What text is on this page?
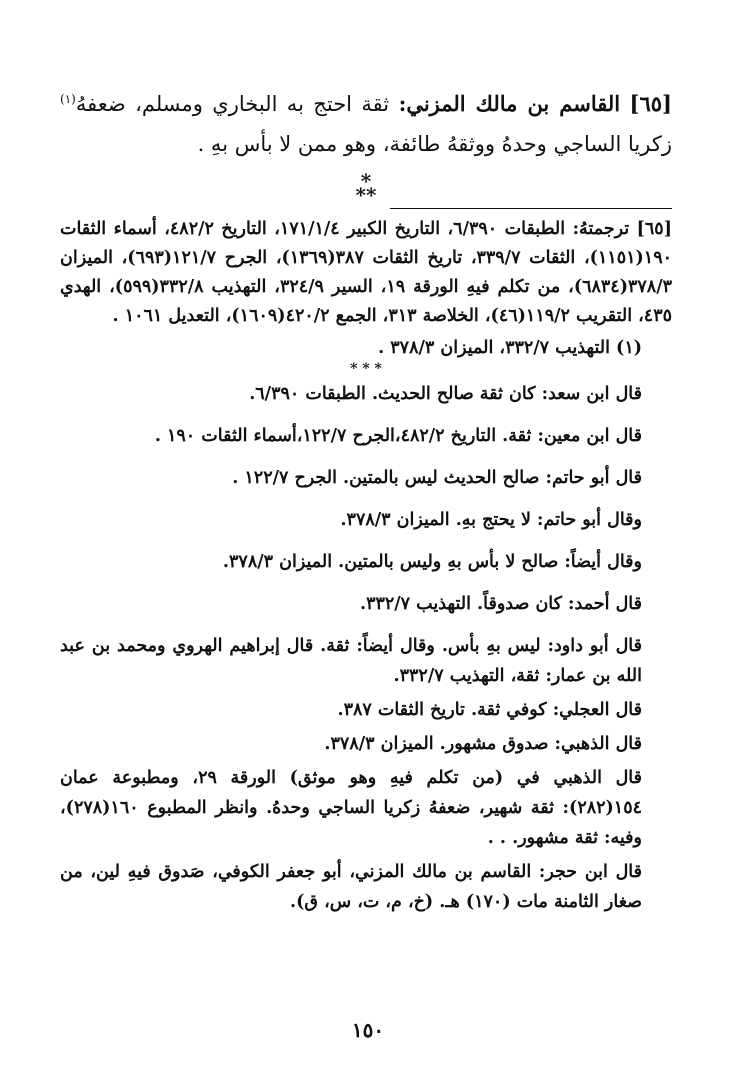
[٦٥] القاسم بن مالك المزني: ثقة احتج به البخاري ومسلم، ضعفهُ$^{(١)}$ زكريا الساجي وحدهُ ووثقهُ طائفة، وهو ممن لا بأس بهِ .

*
**

[٦٥] ترجمتهُ: الطبقات ٦/٣٩٠، التاريخ الكبير ١٧١/١/٤، التاريخ ٤٨٢/٢، أسماء الثقات ١٩٠(١١٥١)، الثقات ٣٣٩/٧، تاريخ الثقات ٣٨٧(١٣٦٩)، الجرح ١٢١/٧(٦٩٣)، الميزان ٣٧٨/٣(٦٨٣٤)، من تكلم فيهِ الورقة ١٩، السير ٣٢٤/٩، التهذيب ٣٣٢/٨(٥٩٩)، الهدي ٤٣٥، التقريب ١١٩/٢(٤٦)، الخلاصة ٣١٣، الجمع ٤٢٠/٢(١٦٠٩)، التعديل ١٠٦١ .

(١) التهذيب ٣٣٢/٧، الميزان ٣٧٨/٣ .

* * *

قال ابن سعد: كان ثقة صالح الحديث. الطبقات ٦/٣٩٠.

قال ابن معين: ثقة. التاريخ ٤٨٢/٢،الجرح ١٢٢/٧،أسماء الثقات ١٩٠ .

قال أبو حاتم: صالح الحديث ليس بالمتين. الجرح ١٢٢/٧ .

وقال أبو حاتم: لا يحتج بهِ. الميزان ٣٧٨/٣.

وقال أيضاً: صالح لا بأس بهِ وليس بالمتين. الميزان ٣٧٨/٣.

قال أحمد: كان صدوقاً. التهذيب ٣٣٢/٧.

قال أبو داود: ليس بهِ بأس. وقال أيضاً: ثقة. قال إبراهيم الهروي ومحمد بن عبد الله بن عمار: ثقة، التهذيب ٣٣٢/٧.

قال العجلي: كوفي ثقة. تاريخ الثقات ٣٨٧.

قال الذهبي: صدوق مشهور. الميزان ٣٧٨/٣.

قال الذهبي في (من تكلم فيهِ وهو موثق) الورقة ٢٩، ومطبوعة عمان ١٥٤(٢٨٢): ثقة شهير، ضعفهُ زكريا الساجي وحدهُ. وانظر المطبوع ١٦٠(٢٧٨)، وفيه: ثقة مشهور. . .

قال ابن حجر: القاسم بن مالك المزني، أبو جعفر الكوفي، صَدوق فيهِ لين، من صغار الثامنة مات (١٧٠) هـ. (خ، م، ت، س، ق).

١٥٠
